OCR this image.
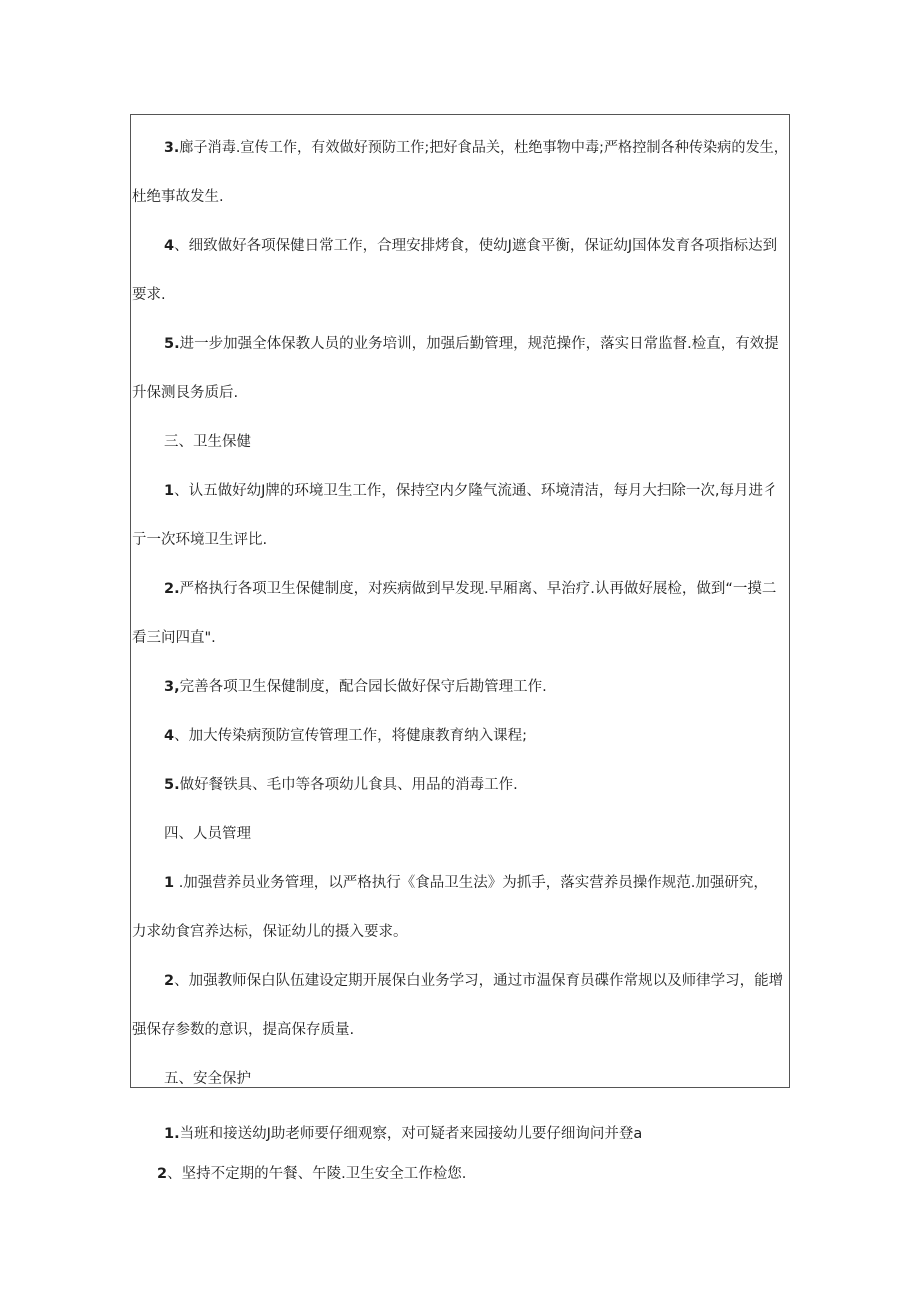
3.廊子消毒.宣传工作，有效做好预防工作;把好食品关，杜绝事物中毒;严格控制各种传染病的发生，
杜绝事故发生.
4、细致做好各项保健日常工作，合理安排烤食，使幼J遮食平衡，保证幼J国体发育各项指标达到
要求.
5.进一步加强全体保教人员的业务培训，加强后勤管理，规范操作，落实日常监督.检直，有效提
升保测艮务质后.
三、卫生保健
1、认五做好幼J牌的环境卫生工作，保持空内夕隆气流通、环境清洁，每月大扫除一次,每月进彳
亍一次环境卫生评比.
2.严格执行各项卫生保健制度，对疾病做到早发现.早厢离、早治疗.认再做好展检，做到“一摸二
看三问四直".
3,完善各项卫生保健制度，配合园长做好保守后勘管理工作.
4、加大传染病预防宣传管理工作，将健康教育纳入课程;
5.做好餐铁具、毛巾等各项幼儿食具、用品的消毒工作.
四、人员管理
1 .加强营养员业务管理，以严格执行《食品卫生法》为抓手，落实营养员操作规范.加强研究，
力求幼食宫养达标，保证幼儿的摄入要求。
2、加强教师保白队伍建设定期开展保白业务学习，通过市温保育员碟作常规以及师律学习，能增
强保存参数的意识，提高保存质量.
五、安全保护
1.当班和接送幼J助老师要仔细观察，对可疑者来园接幼儿要仔细询问并登a
2、坚持不定期的午餐、午陵.卫生安全工作检您.
